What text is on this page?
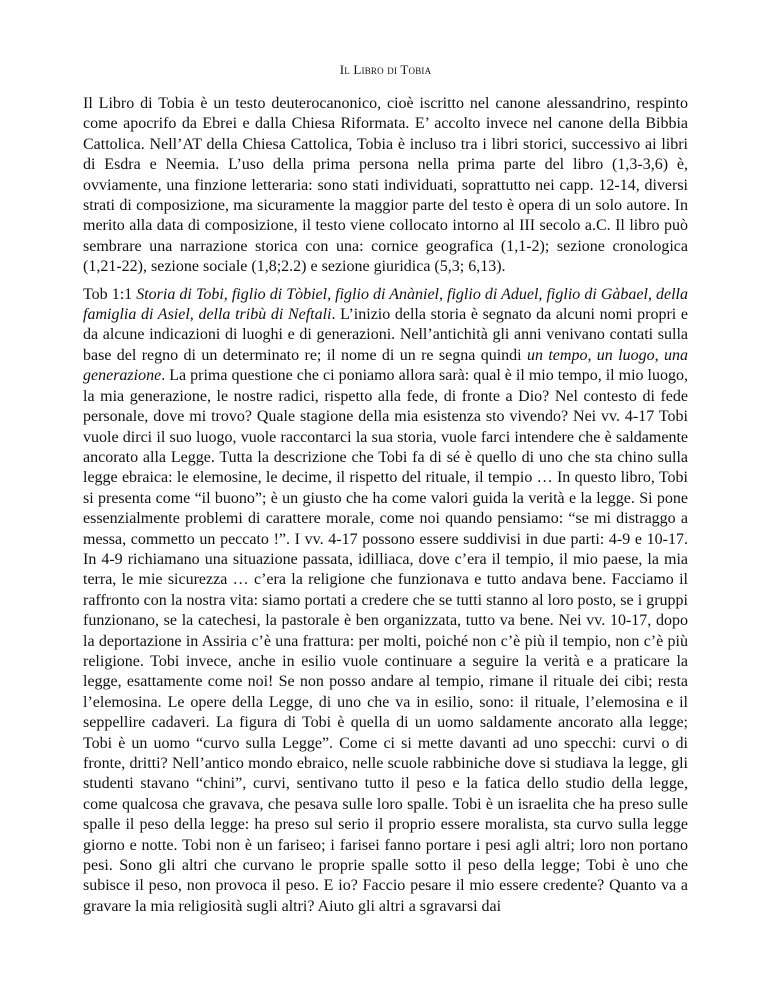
Il Libro di Tobia

Il Libro di Tobia è un testo deuterocanonico, cioè iscritto nel canone alessandrino, respinto come apocrifo da Ebrei e dalla Chiesa Riformata. E’ accolto invece nel canone della Bibbia Cattolica. Nell’AT della Chiesa Cattolica, Tobia è incluso tra i libri storici, successivo ai libri di Esdra e Neemia. L’uso della prima persona nella prima parte del libro (1,3-3,6) è, ovviamente, una finzione letteraria: sono stati individuati, soprattutto nei capp. 12-14, diversi strati di composizione, ma sicuramente la maggior parte del testo è opera di un solo autore. In merito alla data di composizione, il testo viene collocato intorno al III secolo a.C. Il libro può sembrare una narrazione storica con una: cornice geografica (1,1-2); sezione cronologica (1,21-22), sezione sociale (1,8;2.2) e sezione giuridica (5,3; 6,13).

Tob 1:1 Storia di Tobi, figlio di Tòbiel, figlio di Anàniel, figlio di Aduel, figlio di Gàbael, della famiglia di Asiel, della tribù di Neftali. L’inizio della storia è segnato da alcuni nomi propri e da alcune indicazioni di luoghi e di generazioni. Nell’antichità gli anni venivano contati sulla base del regno di un determinato re; il nome di un re segna quindi un tempo, un luogo, una generazione. La prima questione che ci poniamo allora sarà: qual è il mio tempo, il mio luogo, la mia generazione, le nostre radici, rispetto alla fede, di fronte a Dio? Nel contesto di fede personale, dove mi trovo? Quale stagione della mia esistenza sto vivendo? Nei vv. 4-17 Tobi vuole dirci il suo luogo, vuole raccontarci la sua storia, vuole farci intendere che è saldamente ancorato alla Legge. Tutta la descrizione che Tobi fa di sé è quello di uno che sta chino sulla legge ebraica: le elemosine, le decime, il rispetto del rituale, il tempio … In questo libro, Tobi si presenta come “il buono”; è un giusto che ha come valori guida la verità e la legge. Si pone essenzialmente problemi di carattere morale, come noi quando pensiamo: “se mi distraggo a messa, commetto un peccato !”. I vv. 4-17 possono essere suddivisi in due parti: 4-9 e 10-17. In 4-9 richiamano una situazione passata, idilliaca, dove c’era il tempio, il mio paese, la mia terra, le mie sicurezza … c’era la religione che funzionava e tutto andava bene. Facciamo il raffronto con la nostra vita: siamo portati a credere che se tutti stanno al loro posto, se i gruppi funzionano, se la catechesi, la pastorale è ben organizzata, tutto va bene. Nei vv. 10-17, dopo la deportazione in Assiria c’è una frattura: per molti, poiché non c’è più il tempio, non c’è più religione. Tobi invece, anche in esilio vuole continuare a seguire la verità e a praticare la legge, esattamente come noi! Se non posso andare al tempio, rimane il rituale dei cibi; resta l’elemosina. Le opere della Legge, di uno che va in esilio, sono: il rituale, l’elemosina e il seppellire cadaveri. La figura di Tobi è quella di un uomo saldamente ancorato alla legge; Tobi è un uomo “curvo sulla Legge”. Come ci si mette davanti ad uno specchi: curvi o di fronte, dritti? Nell’antico mondo ebraico, nelle scuole rabbiniche dove si studiava la legge, gli studenti stavano “chini”, curvi, sentivano tutto il peso e la fatica dello studio della legge, come qualcosa che gravava, che pesava sulle loro spalle. Tobi è un israelita che ha preso sulle spalle il peso della legge: ha preso sul serio il proprio essere moralista, sta curvo sulla legge giorno e notte. Tobi non è un fariseo; i farisei fanno portare i pesi agli altri; loro non portano pesi. Sono gli altri che curvano le proprie spalle sotto il peso della legge; Tobi è uno che subisce il peso, non provoca il peso. E io? Faccio pesare il mio essere credente? Quanto va a gravare la mia religiosità sugli altri? Aiuto gli altri a sgravarsi dai
